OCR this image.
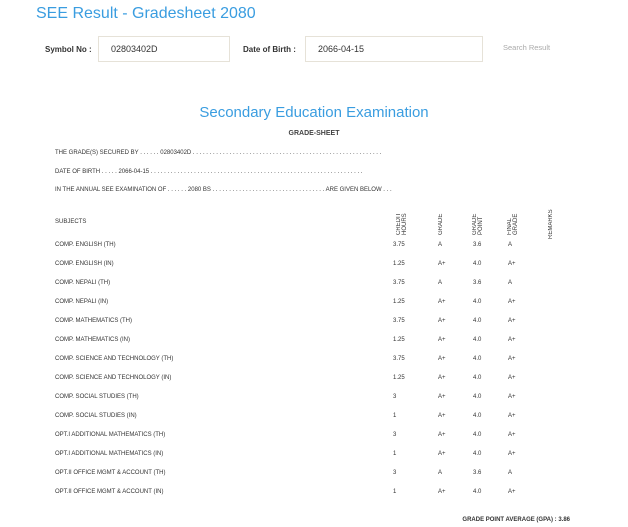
SEE Result - Gradesheet 2080
Symbol No :	02803402D	Date of Birth :	2066-04-15	Search Result
Secondary Education Examination
GRADE-SHEET
THE GRADE(S) SECURED BY . . . . . . 02803402D . . . . . . . . . . . . . . . . . . . . . . . . . . . . . . . . . . . . . . . . . . . . . . . . . . . . . . . . .
DATE OF BIRTH . . . . . 2066-04-15 . . . . . . . . . . . . . . . . . . . . . . . . . . . . . . . . . . . . . . . . . . . . . . . . . . . . . . . . . . . . . . . .
IN THE ANNUAL SEE EXAMINATION OF . . . . . . 2080 BS . . . . . . . . . . . . . . . . . . . . . . . . . . . . . . . . . . ARE GIVEN BELOW . . .
SUBJECTS	CREDIT HOURS	GRADE	GRADE POINT	FINAL GRADE	REMARKS
COMP. ENGLISH (TH)	3.75	A	3.6	A
COMP. ENGLISH (IN)	1.25	A+	4.0	A+
COMP. NEPALI (TH)	3.75	A	3.6	A
COMP. NEPALI (IN)	1.25	A+	4.0	A+
COMP. MATHEMATICS (TH)	3.75	A+	4.0	A+
COMP. MATHEMATICS (IN)	1.25	A+	4.0	A+
COMP. SCIENCE AND TECHNOLOGY (TH)	3.75	A+	4.0	A+
COMP. SCIENCE AND TECHNOLOGY (IN)	1.25	A+	4.0	A+
COMP. SOCIAL STUDIES (TH)	3	A+	4.0	A+
COMP. SOCIAL STUDIES (IN)	1	A+	4.0	A+
OPT.I ADDITIONAL MATHEMATICS (TH)	3	A+	4.0	A+
OPT.I ADDITIONAL MATHEMATICS (IN)	1	A+	4.0	A+
OPT.II OFFICE MGMT & ACCOUNT (TH)	3	A	3.6	A
OPT.II OFFICE MGMT & ACCOUNT (IN)	1	A+	4.0	A+
GRADE POINT AVERAGE (GPA) : 3.86
